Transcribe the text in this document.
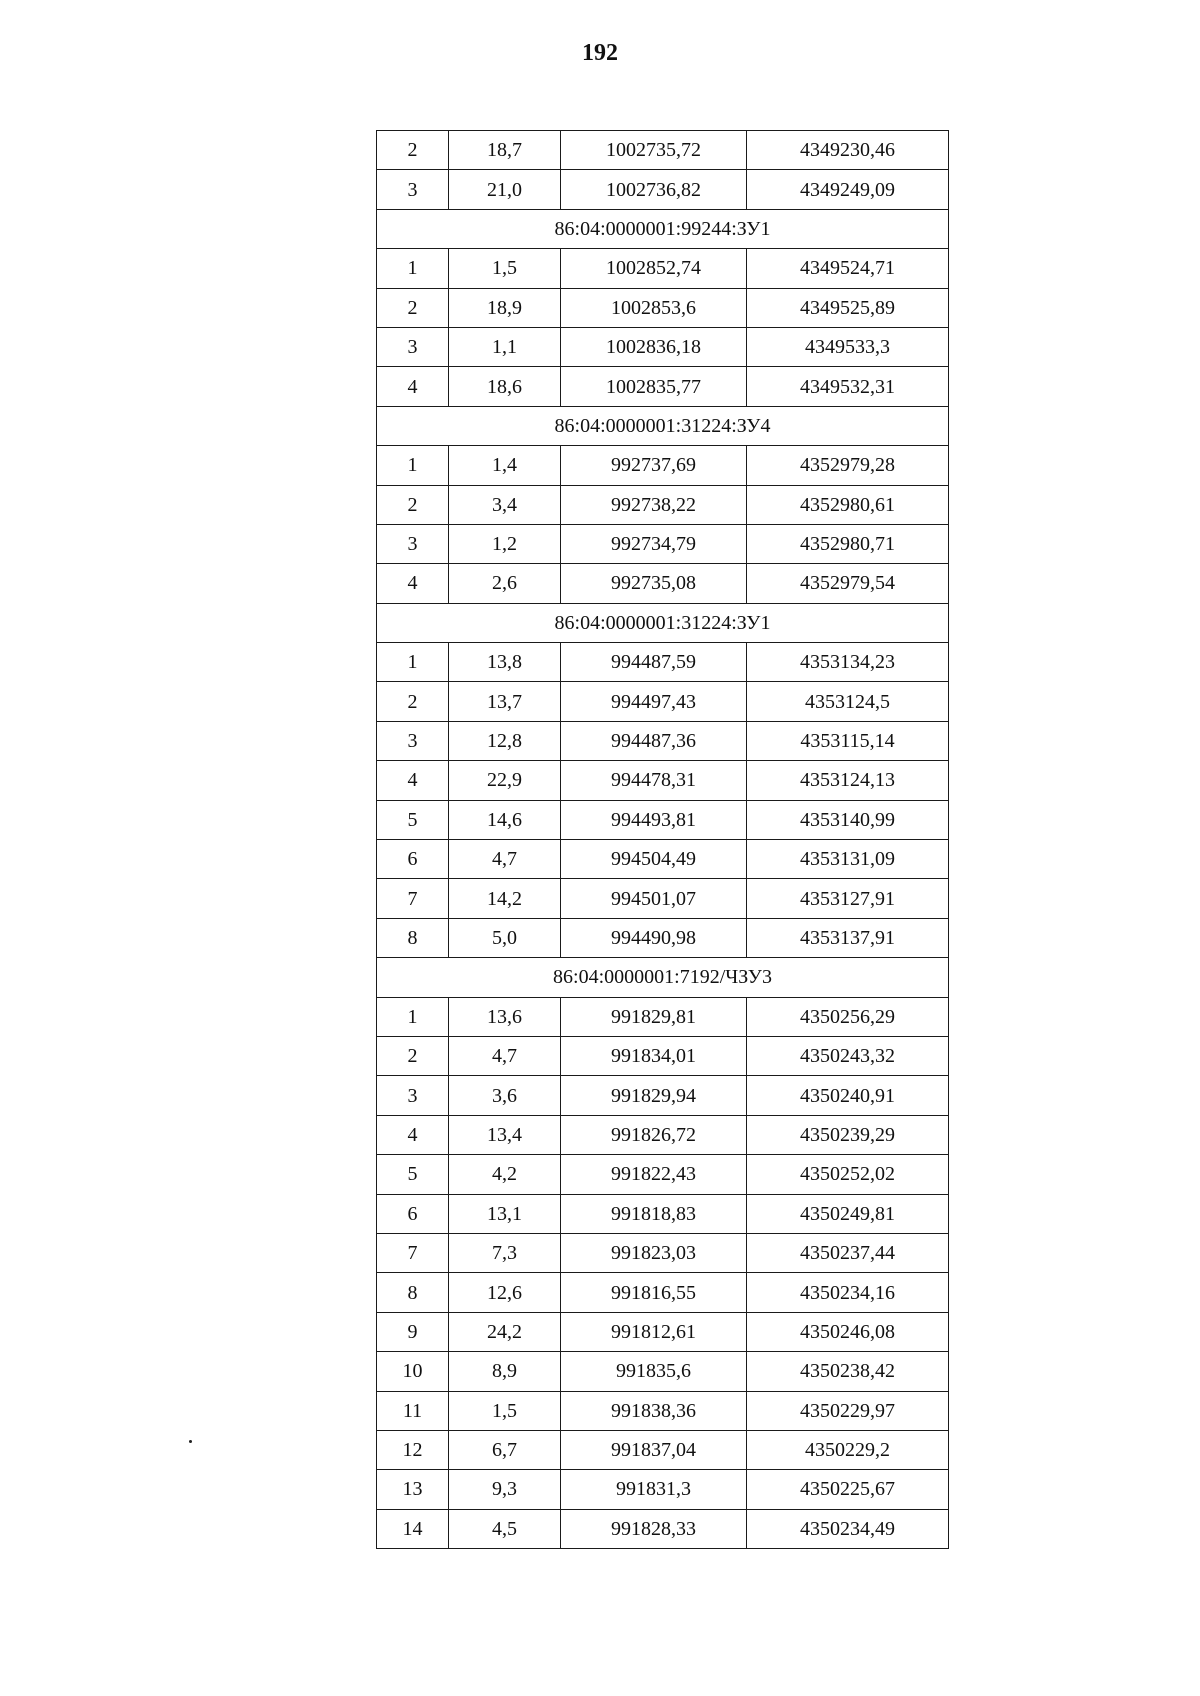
192
2	18,7	1002735,72	4349230,46
3	21,0	1002736,82	4349249,09
86:04:0000001:99244:ЗУ1			
1	1,5	1002852,74	4349524,71
2	18,9	1002853,6	4349525,89
3	1,1	1002836,18	4349533,3
4	18,6	1002835,77	4349532,31
86:04:0000001:31224:ЗУ4			
1	1,4	992737,69	4352979,28
2	3,4	992738,22	4352980,61
3	1,2	992734,79	4352980,71
4	2,6	992735,08	4352979,54
86:04:0000001:31224:ЗУ1			
1	13,8	994487,59	4353134,23
2	13,7	994497,43	4353124,5
3	12,8	994487,36	4353115,14
4	22,9	994478,31	4353124,13
5	14,6	994493,81	4353140,99
6	4,7	994504,49	4353131,09
7	14,2	994501,07	4353127,91
8	5,0	994490,98	4353137,91
86:04:0000001:7192/ЧЗУ3			
1	13,6	991829,81	4350256,29
2	4,7	991834,01	4350243,32
3	3,6	991829,94	4350240,91
4	13,4	991826,72	4350239,29
5	4,2	991822,43	4350252,02
6	13,1	991818,83	4350249,81
7	7,3	991823,03	4350237,44
8	12,6	991816,55	4350234,16
9	24,2	991812,61	4350246,08
10	8,9	991835,6	4350238,42
11	1,5	991838,36	4350229,97
12	6,7	991837,04	4350229,2
13	9,3	991831,3	4350225,67
14	4,5	991828,33	4350234,49
